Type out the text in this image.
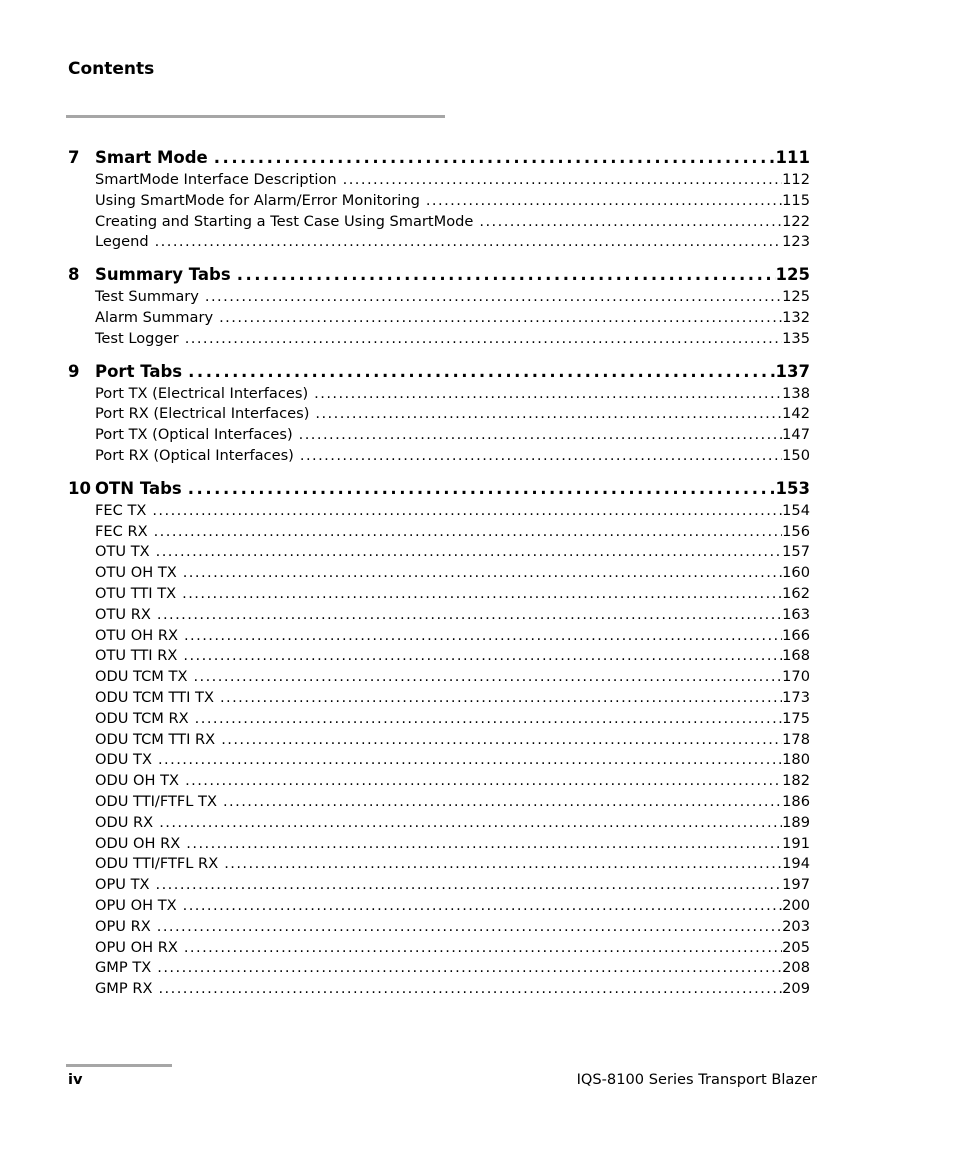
Contents
7 Smart Mode . . .	111
SmartMode Interface Description . . .	112
Using SmartMode for Alarm/Error Monitoring . . .	115
Creating and Starting a Test Case Using SmartMode . . .	122
Legend . . .	123
8 Summary Tabs . . .	125
Test Summary . . .	125
Alarm Summary . . .	132
Test Logger . . .	135
9 Port Tabs . . .	137
Port TX (Electrical Interfaces) . . .	138
Port RX (Electrical Interfaces) . . .	142
Port TX (Optical Interfaces) . . .	147
Port RX (Optical Interfaces) . . .	150
10 OTN Tabs . . .	153
FEC TX . . .	154
FEC RX . . .	156
OTU TX . . .	157
OTU OH TX . . .	160
OTU TTI TX . . .	162
OTU RX . . .	163
OTU OH RX . . .	166
OTU TTI RX . . .	168
ODU TCM TX . . .	170
ODU TCM TTI TX . . .	173
ODU TCM RX . . .	175
ODU TCM TTI RX . . .	178
ODU TX . . .	180
ODU OH TX . . .	182
ODU TTI/FTFL TX . . .	186
ODU RX . . .	189
ODU OH RX . . .	191
ODU TTI/FTFL RX . . .	194
OPU TX . . .	197
OPU OH TX . . .	200
OPU RX . . .	203
OPU OH RX . . .	205
GMP TX . . .	208
GMP RX . . .	209
iv	IQS-8100 Series Transport Blazer
